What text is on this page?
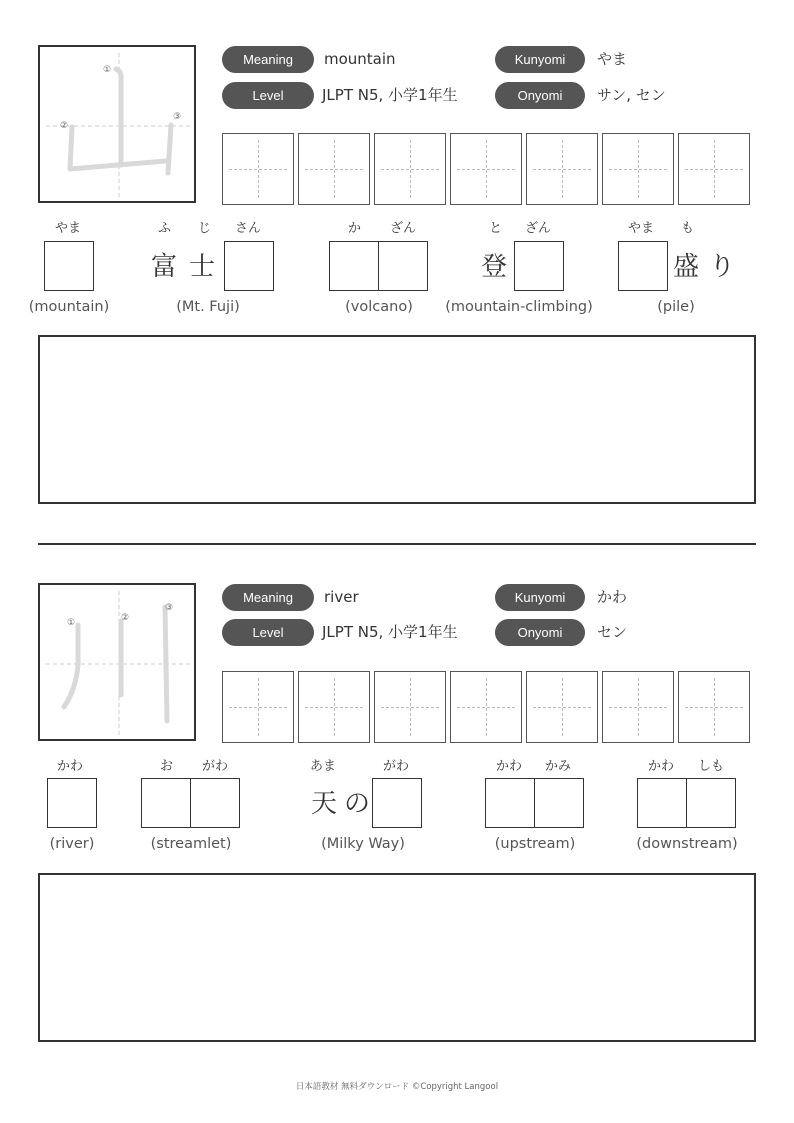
①
②
③
Meaning	mountain	Kunyomi	やま
Level	JLPT N5, 小学1年生	Onyomi	サン, セン
やま
(mountain)
ふ じ さん
富 士
(Mt. Fuji)
か ざん
(volcano)
と ざん
登
(mountain-climbing)
やま も
盛 り
(pile)
①	②
③
Meaning	river	Kunyomi	かわ
Level	JLPT N5, 小学1年生	Onyomi	セン
かわ
(river)
お がわ
(streamlet)
あま	がわ
天 の
(Milky Way)
かわ かみ
(upstream)
かわ しも
(downstream)
日本語教材 無料ダウンロード ©Copyright Langool
